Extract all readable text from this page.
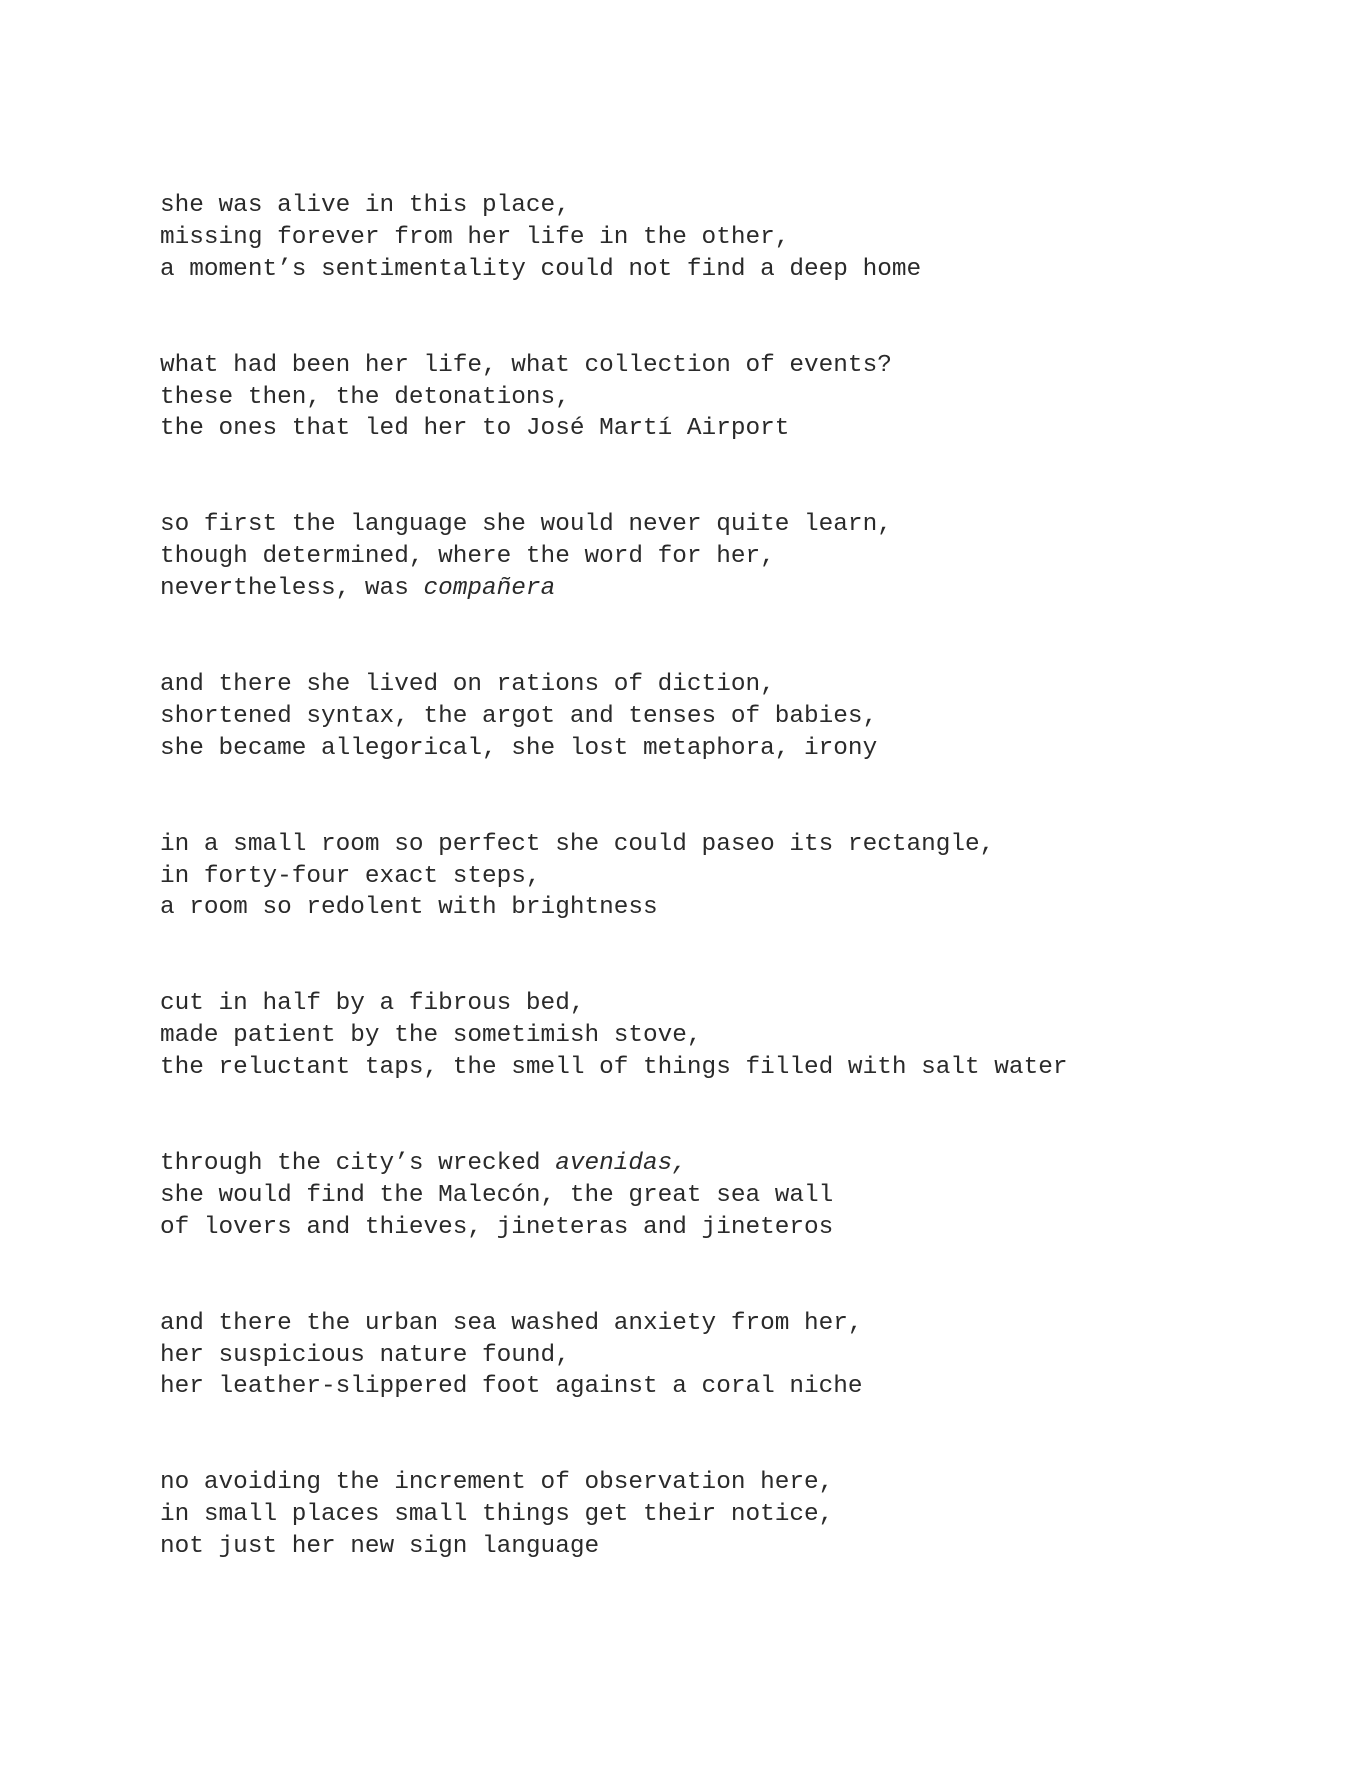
she was alive in this place,
missing forever from her life in the other,
a moment’s sentimentality could not find a deep home
what had been her life, what collection of events?
these then, the detonations,
the ones that led her to José Martí Airport
so first the language she would never quite learn,
though determined, where the word for her,
nevertheless, was compañera
and there she lived on rations of diction,
shortened syntax, the argot and tenses of babies,
she became allegorical, she lost metaphora, irony
in a small room so perfect she could paseo its rectangle,
in forty-four exact steps,
a room so redolent with brightness
cut in half by a fibrous bed,
made patient by the sometimish stove,
the reluctant taps, the smell of things filled with salt water
through the city’s wrecked avenidas,
she would find the Malecón, the great sea wall
of lovers and thieves, jineteras and jineteros
and there the urban sea washed anxiety from her,
her suspicious nature found,
her leather-slippered foot against a coral niche
no avoiding the increment of observation here,
in small places small things get their notice,
not just her new sign language
